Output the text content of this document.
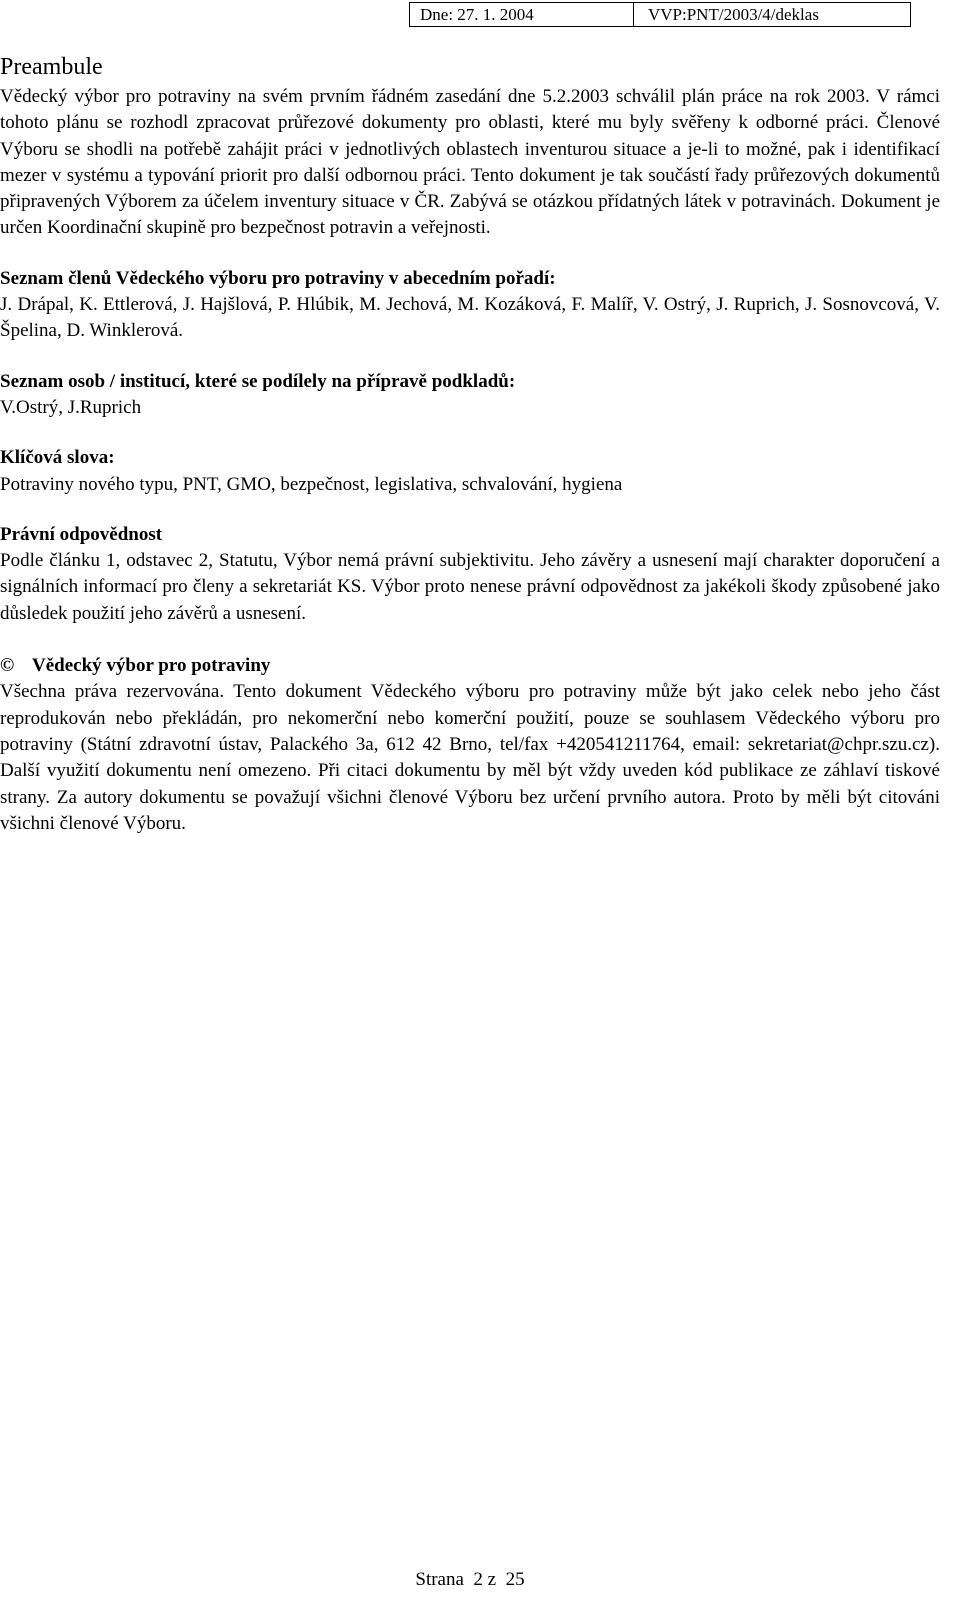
Dne: 27. 1. 2004	VVP:PNT/2003/4/deklas
Preambule

Vědecký výbor pro potraviny na svém prvním řádném zasedání dne 5.2.2003 schválil plán práce na rok 2003. V rámci tohoto plánu se rozhodl zpracovat průřezové dokumenty pro oblasti, které mu byly svěřeny k odborné práci. Členové Výboru se shodli na potřebě zahájit práci v jednotlivých oblastech inventurou situace a je-li to možné, pak i identifikací mezer v systému a typování priorit pro další odbornou práci. Tento dokument je tak součástí řady průřezových dokumentů připravených Výborem za účelem inventury situace v ČR. Zabývá se otázkou přídatných látek v potravinách. Dokument je určen Koordinační skupině pro bezpečnost potravin a veřejnosti.

Seznam členů Vědeckého výboru pro potraviny v abecedním pořadí:

J. Drápal, K. Ettlerová, J. Hajšlová, P. Hlúbik, M. Jechová, M. Kozáková, F. Malíř, V. Ostrý, J. Ruprich, J. Sosnovcová, V. Špelina, D. Winklerová.

Seznam osob / institucí, které se podílely na přípravě podkladů:

V.Ostrý, J.Ruprich

Klíčová slova:

Potraviny nového typu, PNT, GMO, bezpečnost, legislativa, schvalování, hygiena

Právní odpovědnost

Podle článku 1, odstavec 2, Statutu, Výbor nemá právní subjektivitu. Jeho závěry a usnesení mají charakter doporučení a signálních informací pro členy a sekretariát KS. Výbor proto nenese právní odpovědnost za jakékoli škody způsobené jako důsledek použití jeho závěrů a usnesení.

© Vědecký výbor pro potraviny

Všechna práva rezervována. Tento dokument Vědeckého výboru pro potraviny může být jako celek nebo jeho část reprodukován nebo překládán, pro nekomerční nebo komerční použití, pouze se souhlasem Vědeckého výboru pro potraviny (Státní zdravotní ústav, Palackého 3a, 612 42 Brno, tel/fax +420541211764, email: sekretariat@chpr.szu.cz). Další využití dokumentu není omezeno. Při citaci dokumentu by měl být vždy uveden kód publikace ze záhlaví tiskové strany. Za autory dokumentu se považují všichni členové Výboru bez určení prvního autora. Proto by měli být citováni všichni členové Výboru.

Strana  2 z  25
